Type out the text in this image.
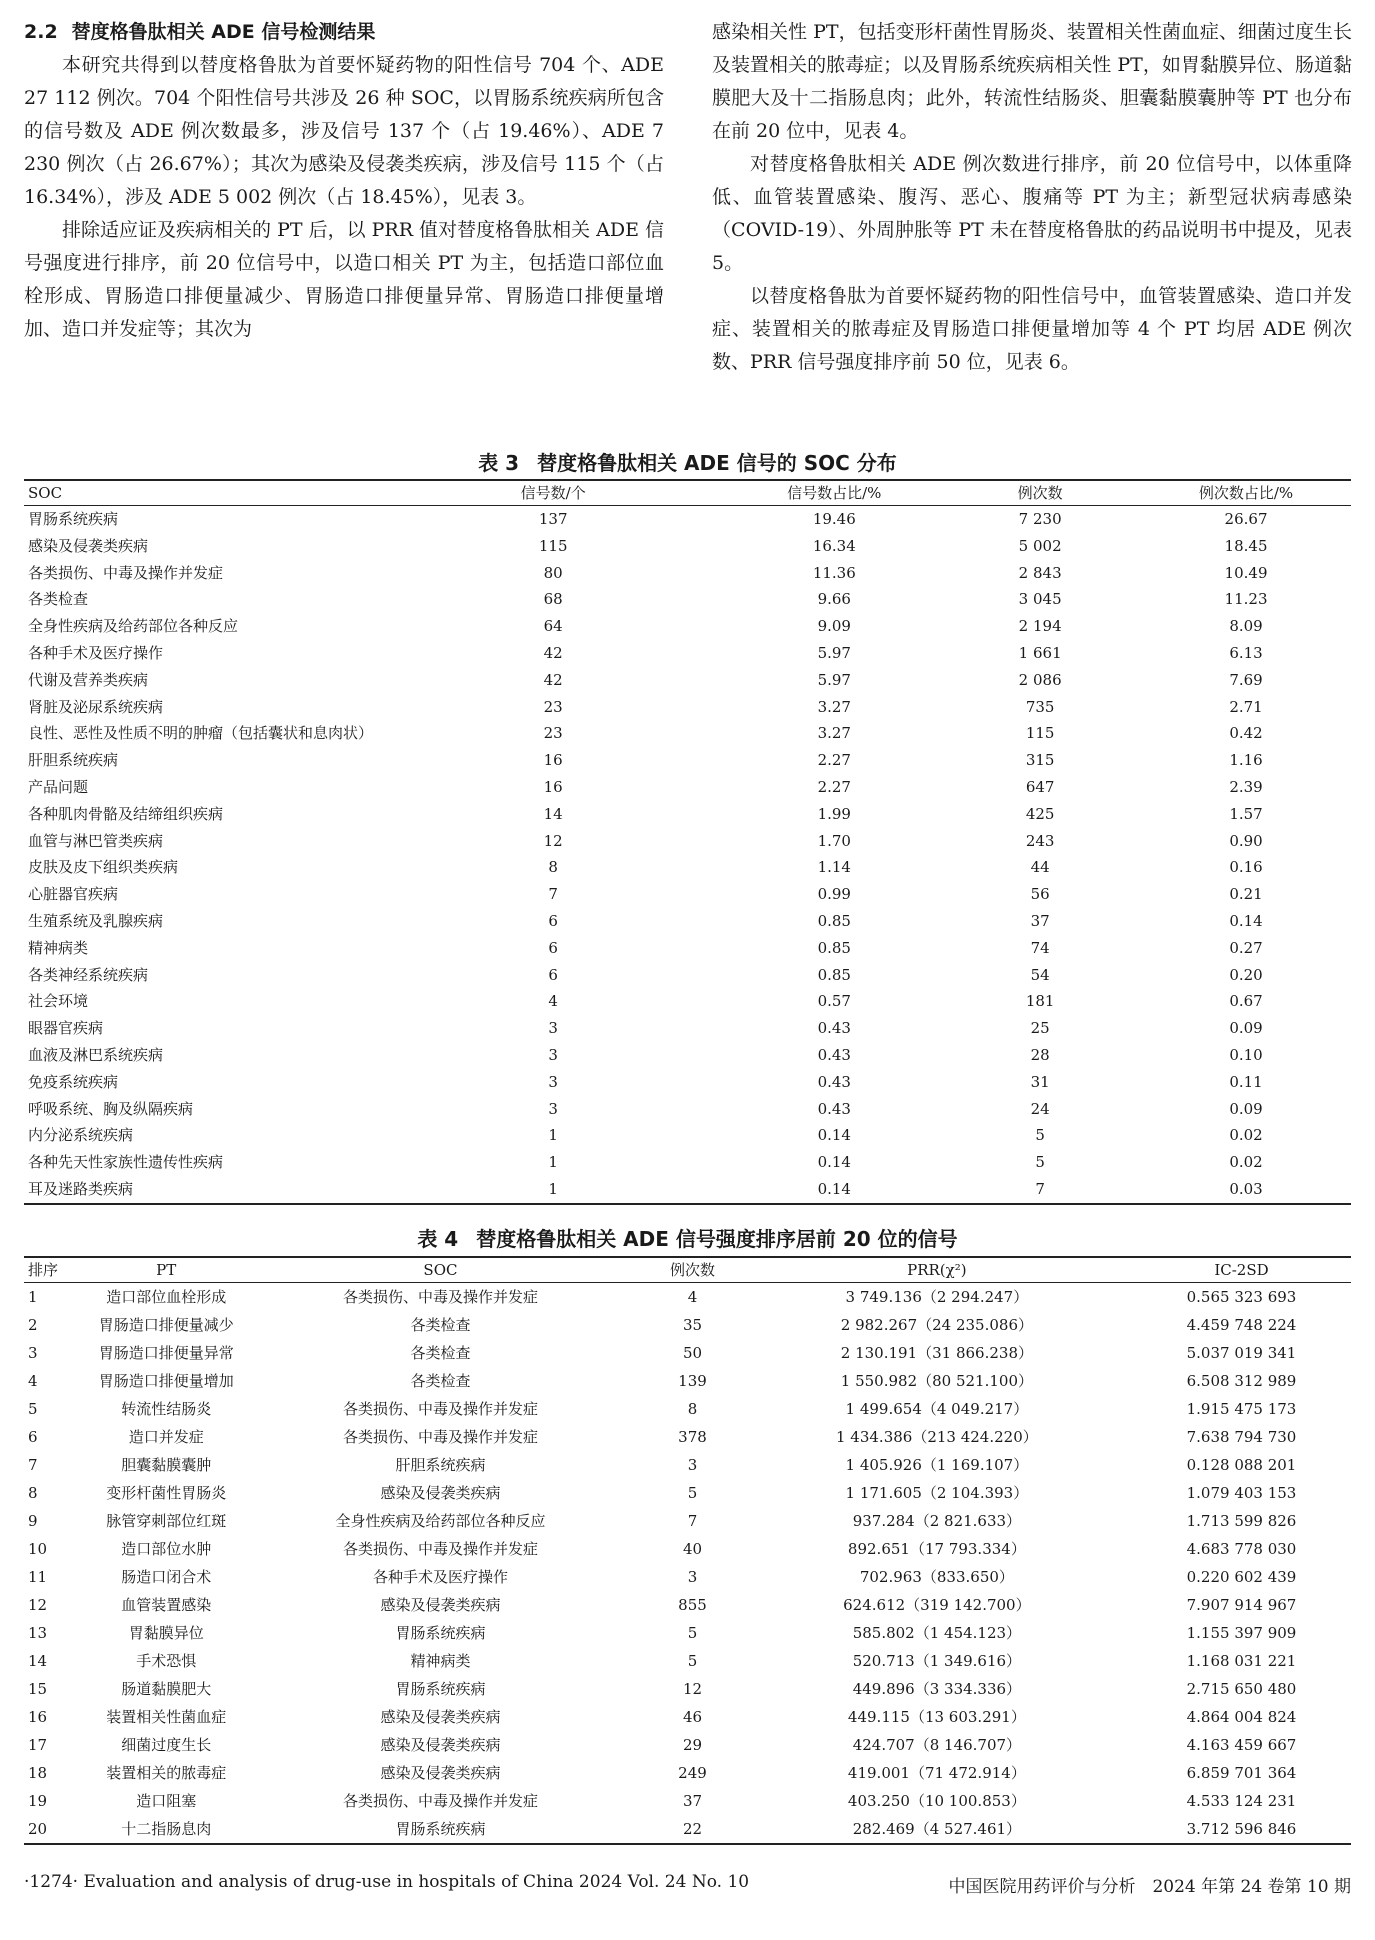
2.2 替度格鲁肽相关 ADE 信号检测结果

本研究共得到以替度格鲁肽为首要怀疑药物的阳性信号 704 个、ADE 27 112 例次。704 个阳性信号共涉及 26 种 SOC，以胃肠系统疾病所包含的信号数及 ADE 例次数最多，涉及信号 137 个（占 19.46%）、ADE 7 230 例次（占 26.67%）；其次为感染及侵袭类疾病，涉及信号 115 个（占 16.34%），涉及 ADE 5 002 例次（占 18.45%），见表 3。

排除适应证及疾病相关的 PT 后，以 PRR 值对替度格鲁肽相关 ADE 信号强度进行排序，前 20 位信号中，以造口相关 PT 为主，包括造口部位血栓形成、胃肠造口排便量减少、胃肠造口排便量异常、胃肠造口排便量增加、造口并发症等；其次为

感染相关性 PT，包括变形杆菌性胃肠炎、装置相关性菌血症、细菌过度生长及装置相关的脓毒症；以及胃肠系统疾病相关性 PT，如胃黏膜异位、肠道黏膜肥大及十二指肠息肉；此外，转流性结肠炎、胆囊黏膜囊肿等 PT 也分布在前 20 位中，见表 4。

对替度格鲁肽相关 ADE 例次数进行排序，前 20 位信号中，以体重降低、血管装置感染、腹泻、恶心、腹痛等 PT 为主；新型冠状病毒感染（COVID-19）、外周肿胀等 PT 未在替度格鲁肽的药品说明书中提及，见表 5。

以替度格鲁肽为首要怀疑药物的阳性信号中，血管装置感染、造口并发症、装置相关的脓毒症及胃肠造口排便量增加等 4 个 PT 均居 ADE 例次数、PRR 信号强度排序前 50 位，见表 6。

表 3 替度格鲁肽相关 ADE 信号的 SOC 分布
SOC	信号数/个	信号数占比/%	例次数	例次数占比/%
胃肠系统疾病	137	19.46	7 230	26.67
感染及侵袭类疾病	115	16.34	5 002	18.45
各类损伤、中毒及操作并发症	80	11.36	2 843	10.49
各类检查	68	9.66	3 045	11.23
全身性疾病及给药部位各种反应	64	9.09	2 194	8.09
各种手术及医疗操作	42	5.97	1 661	6.13
代谢及营养类疾病	42	5.97	2 086	7.69
肾脏及泌尿系统疾病	23	3.27	735	2.71
良性、恶性及性质不明的肿瘤（包括囊状和息肉状）	23	3.27	115	0.42
肝胆系统疾病	16	2.27	315	1.16
产品问题	16	2.27	647	2.39
各种肌肉骨骼及结缔组织疾病	14	1.99	425	1.57
血管与淋巴管类疾病	12	1.70	243	0.90
皮肤及皮下组织类疾病	8	1.14	44	0.16
心脏器官疾病	7	0.99	56	0.21
生殖系统及乳腺疾病	6	0.85	37	0.14
精神病类	6	0.85	74	0.27
各类神经系统疾病	6	0.85	54	0.20
社会环境	4	0.57	181	0.67
眼器官疾病	3	0.43	25	0.09
血液及淋巴系统疾病	3	0.43	28	0.10
免疫系统疾病	3	0.43	31	0.11
呼吸系统、胸及纵隔疾病	3	0.43	24	0.09
内分泌系统疾病	1	0.14	5	0.02
各种先天性家族性遗传性疾病	1	0.14	5	0.02
耳及迷路类疾病	1	0.14	7	0.03
表 4 替度格鲁肽相关 ADE 信号强度排序居前 20 位的信号
排序	PT	SOC	例次数	PRR(χ²)	IC-2SD
1	造口部位血栓形成	各类损伤、中毒及操作并发症	4	3 749.136（2 294.247）	0.565 323 693
2	胃肠造口排便量减少	各类检查	35	2 982.267（24 235.086）	4.459 748 224
3	胃肠造口排便量异常	各类检查	50	2 130.191（31 866.238）	5.037 019 341
4	胃肠造口排便量增加	各类检查	139	1 550.982（80 521.100）	6.508 312 989
5	转流性结肠炎	各类损伤、中毒及操作并发症	8	1 499.654（4 049.217）	1.915 475 173
6	造口并发症	各类损伤、中毒及操作并发症	378	1 434.386（213 424.220）	7.638 794 730
7	胆囊黏膜囊肿	肝胆系统疾病	3	1 405.926（1 169.107）	0.128 088 201
8	变形杆菌性胃肠炎	感染及侵袭类疾病	5	1 171.605（2 104.393）	1.079 403 153
9	脉管穿刺部位红斑	全身性疾病及给药部位各种反应	7	937.284（2 821.633）	1.713 599 826
10	造口部位水肿	各类损伤、中毒及操作并发症	40	892.651（17 793.334）	4.683 778 030
11	肠造口闭合术	各种手术及医疗操作	3	702.963（833.650）	0.220 602 439
12	血管装置感染	感染及侵袭类疾病	855	624.612（319 142.700）	7.907 914 967
13	胃黏膜异位	胃肠系统疾病	5	585.802（1 454.123）	1.155 397 909
14	手术恐惧	精神病类	5	520.713（1 349.616）	1.168 031 221
15	肠道黏膜肥大	胃肠系统疾病	12	449.896（3 334.336）	2.715 650 480
16	装置相关性菌血症	感染及侵袭类疾病	46	449.115（13 603.291）	4.864 004 824
17	细菌过度生长	感染及侵袭类疾病	29	424.707（8 146.707）	4.163 459 667
18	装置相关的脓毒症	感染及侵袭类疾病	249	419.001（71 472.914）	6.859 701 364
19	造口阻塞	各类损伤、中毒及操作并发症	37	403.250（10 100.853）	4.533 124 231
20	十二指肠息肉	胃肠系统疾病	22	282.469（4 527.461）	3.712 596 846
·1274· Evaluation and analysis of drug-use in hospitals of China 2024 Vol. 24 No. 10	中国医院用药评价与分析　2024 年第 24 卷第 10 期
